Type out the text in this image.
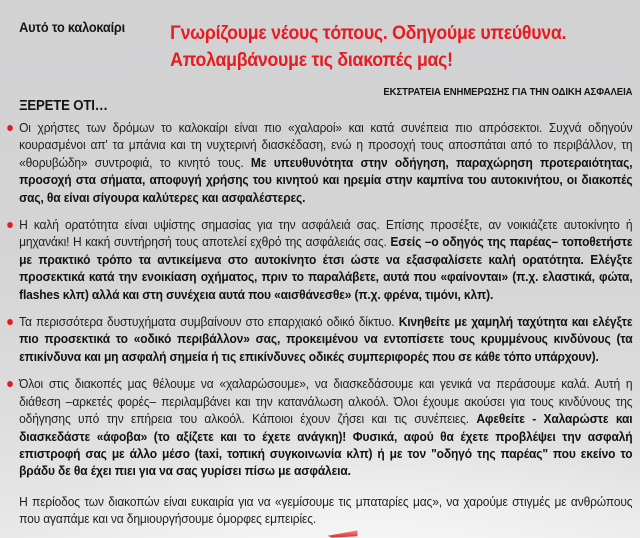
Αυτό το καλοκαίρι Γνωρίζουμε νέους τόπους. Οδηγούμε υπεύθυνα.
Απολαμβάνουμε τις διακοπές μας!
ΕΚΣΤΡΑΤΕΙΑ ΕΝΗΜΕΡΩΣΗΣ ΓΙΑ ΤΗΝ ΟΔΙΚΗ ΑΣΦΑΛΕΙΑ
ΞΕΡΕΤΕ ΟΤΙ…

Οι χρήστες των δρόμων το καλοκαίρι είναι πιο «χαλαροί» και κατά συνέπεια πιο απρόσεκτοι. Συχνά οδηγούν κουρασμένοι απ' τα μπάνια και τη νυχτερινή διασκέδαση, ενώ η προσοχή τους αποσπάται από το περιβάλλον, τη «θορυβώδη» συντροφιά, το κινητό τους. Με υπευθυνότητα στην οδήγηση, παραχώρηση προτεραιότητας, προσοχή στα σήματα, αποφυγή χρήσης του κινητού και ηρεμία στην καμπίνα του αυτοκινήτου, οι διακοπές σας, θα είναι σίγουρα καλύτερες και ασφαλέστερες.

Η καλή ορατότητα είναι υψίστης σημασίας για την ασφάλειά σας. Επίσης προσέξτε, αν νοικιάζετε αυτοκίνητο ή μηχανάκι! Η κακή συντήρησή τους αποτελεί εχθρό της ασφάλειάς σας. Εσείς –ο οδηγός της παρέας– τοποθετήστε με πρακτικό τρόπο τα αντικείμενα στο αυτοκίνητο έτσι ώστε να εξασφαλίσετε καλή ορατότητα. Ελέγξτε προσεκτικά κατά την ενοικίαση οχήματος, πριν το παραλάβετε, αυτά που «φαίνονται» (π.χ. ελαστικά, φώτα, flashes κλπ) αλλά και στη συνέχεια αυτά που «αισθάνεσθε» (π.χ. φρένα, τιμόνι, κλπ).

Τα περισσότερα δυστυχήματα συμβαίνουν στο επαρχιακό οδικό δίκτυο. Κινηθείτε με χαμηλή ταχύτητα και ελέγξτε πιο προσεκτικά το «οδικό περιβάλλον» σας, προκειμένου να εντοπίσετε τους κρυμμένους κινδύνους (τα επικίνδυνα και μη ασφαλή σημεία ή τις επικίνδυνες οδικές συμπεριφορές που σε κάθε τόπο υπάρχουν).

Όλοι στις διακοπές μας θέλουμε να «χαλαρώσουμε», να διασκεδάσουμε και γενικά να περάσουμε καλά. Αυτή η διάθεση –αρκετές φορές– περιλαμβάνει και την κατανάλωση αλκοόλ. Όλοι έχουμε ακούσει για τους κινδύνους της οδήγησης υπό την επήρεια του αλκοόλ. Κάποιοι έχουν ζήσει και τις συνέπειες. Αφεθείτε - Χαλαρώστε και διασκεδάστε «άφοβα» (το αξίζετε και το έχετε ανάγκη)! Φυσικά, αφού θα έχετε προβλέψει την ασφαλή επιστροφή σας με άλλο μέσο (taxi, τοπική συγκοινωνία κλπ) ή με τον "οδηγό της παρέας" που εκείνο το βράδυ δε θα έχει πιει για να σας γυρίσει πίσω με ασφάλεια.

Η περίοδος των διακοπών είναι ευκαιρία για να «γεμίσουμε τις μπαταρίες μας», να χαρούμε στιγμές με ανθρώπους που αγαπάμε και να δημιουργήσουμε όμορφες εμπειρίες.
